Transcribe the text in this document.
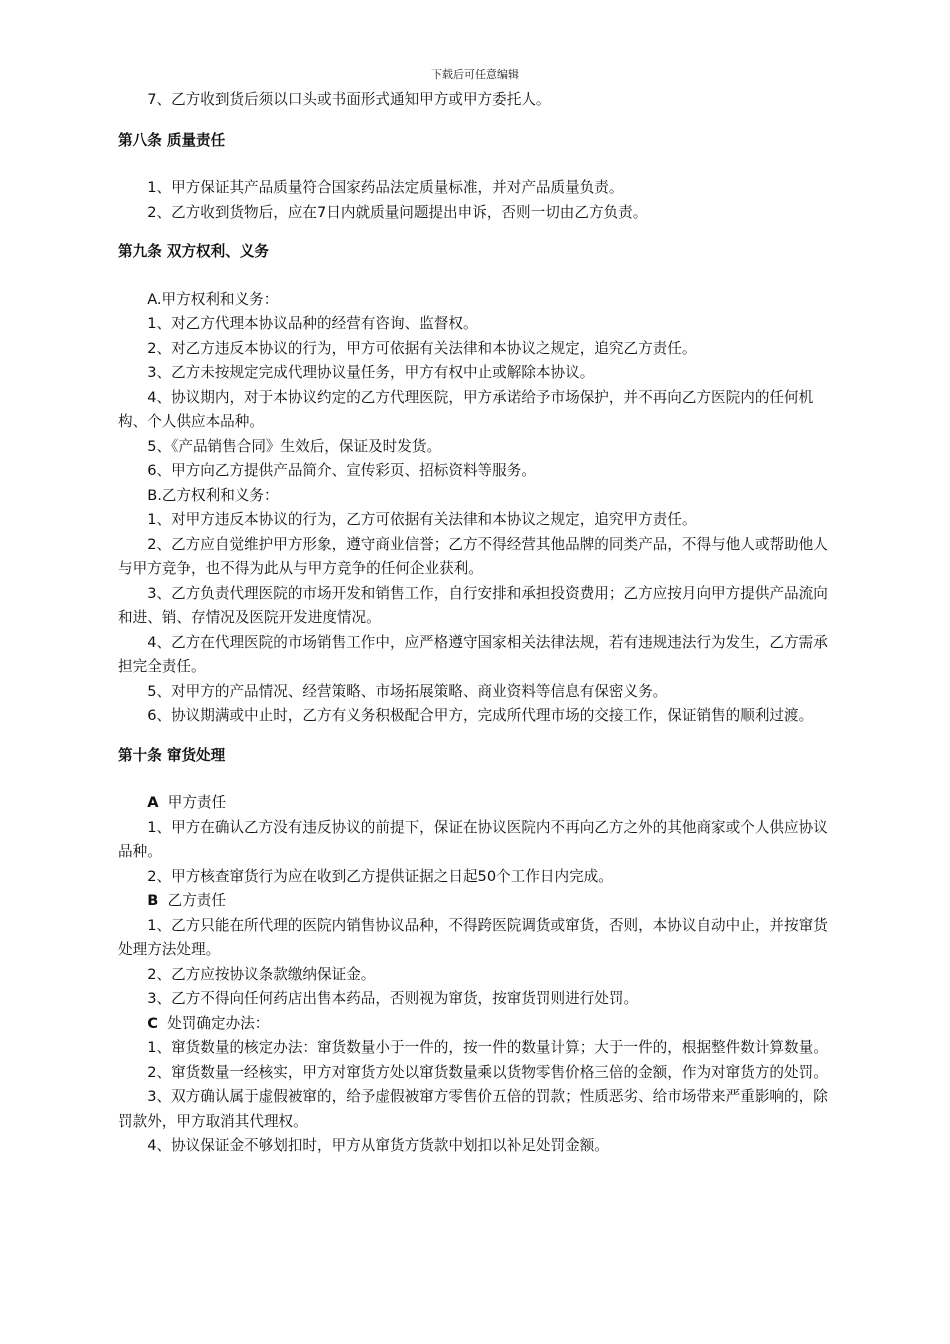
下载后可任意编辑

7、乙方收到货后须以口头或书面形式通知甲方或甲方委托人。

第八条 质量责任

1、甲方保证其产品质量符合国家药品法定质量标准，并对产品质量负责。

2、乙方收到货物后，应在7日内就质量问题提出申诉，否则一切由乙方负责。

第九条 双方权利、义务

A.甲方权利和义务：

1、对乙方代理本协议品种的经营有咨询、监督权。

2、对乙方违反本协议的行为，甲方可依据有关法律和本协议之规定，追究乙方责任。

3、乙方未按规定完成代理协议量任务，甲方有权中止或解除本协议。

4、协议期内，对于本协议约定的乙方代理医院，甲方承诺给予市场保护，并不再向乙方医院内的任何机构、个人供应本品种。

5、《产品销售合同》生效后，保证及时发货。

6、甲方向乙方提供产品简介、宣传彩页、招标资料等服务。

B.乙方权利和义务：

1、对甲方违反本协议的行为，乙方可依据有关法律和本协议之规定，追究甲方责任。

2、乙方应自觉维护甲方形象，遵守商业信誉；乙方不得经营其他品牌的同类产品，不得与他人或帮助他人与甲方竞争，也不得为此从与甲方竞争的任何企业获利。

3、乙方负责代理医院的市场开发和销售工作，自行安排和承担投资费用；乙方应按月向甲方提供产品流向和进、销、存情况及医院开发进度情况。

4、乙方在代理医院的市场销售工作中，应严格遵守国家相关法律法规，若有违规违法行为发生，乙方需承担完全责任。

5、对甲方的产品情况、经营策略、市场拓展策略、商业资料等信息有保密义务。

6、协议期满或中止时，乙方有义务积极配合甲方，完成所代理市场的交接工作，保证销售的顺利过渡。

第十条 窜货处理

A 甲方责任

1、甲方在确认乙方没有违反协议的前提下，保证在协议医院内不再向乙方之外的其他商家或个人供应协议品种。

2、甲方核查窜货行为应在收到乙方提供证据之日起50个工作日内完成。

B 乙方责任

1、乙方只能在所代理的医院内销售协议品种，不得跨医院调货或窜货，否则，本协议自动中止，并按窜货处理方法处理。

2、乙方应按协议条款缴纳保证金。

3、乙方不得向任何药店出售本药品，否则视为窜货，按窜货罚则进行处罚。

C 处罚确定办法：

1、窜货数量的核定办法：窜货数量小于一件的，按一件的数量计算；大于一件的，根据整件数计算数量。

2、窜货数量一经核实，甲方对窜货方处以窜货数量乘以货物零售价格三倍的金额，作为对窜货方的处罚。

3、双方确认属于虚假被窜的，给予虚假被窜方零售价五倍的罚款；性质恶劣、给市场带来严重影响的，除罚款外，甲方取消其代理权。

4、协议保证金不够划扣时，甲方从窜货方货款中划扣以补足处罚金额。
